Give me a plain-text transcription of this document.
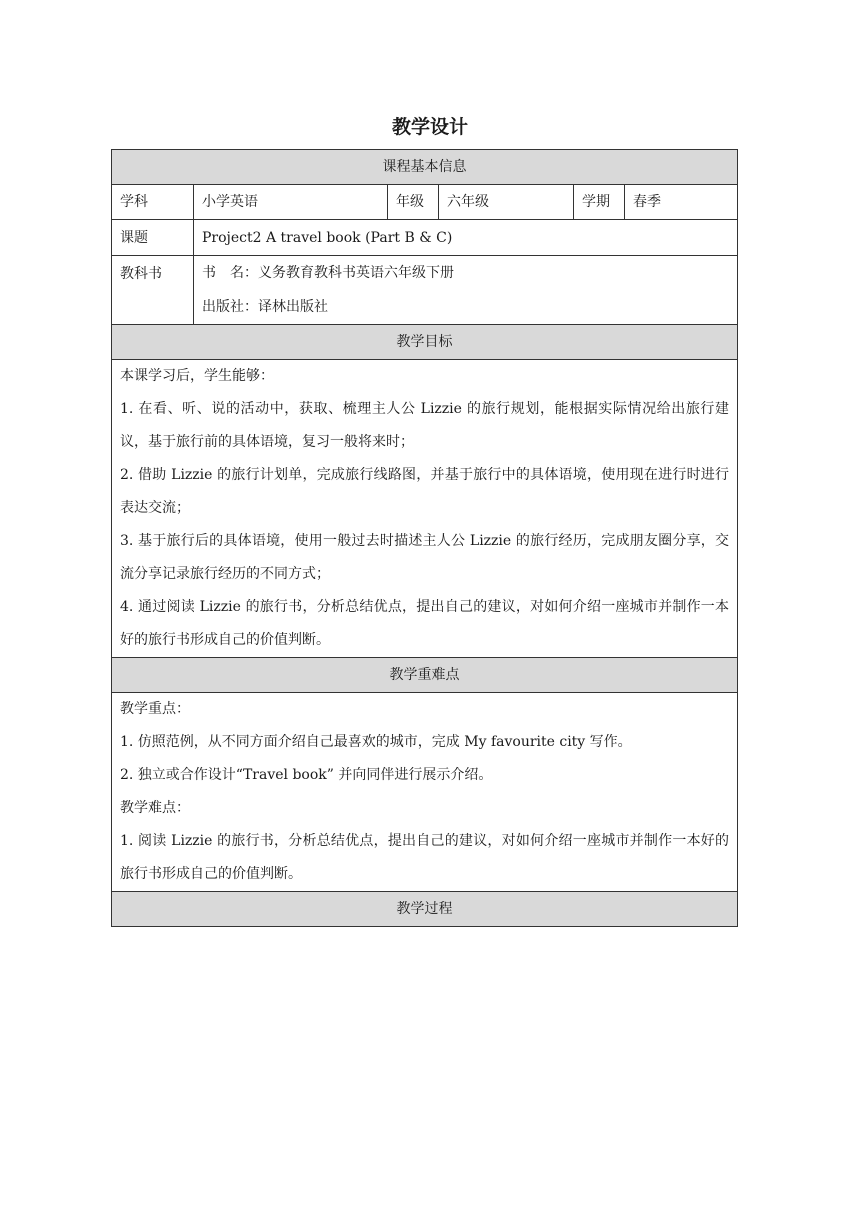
教学设计
课程基本信息					
学科	小学英语	年级	六年级	学期	春季
课题	Project2 A travel book (Part B & C)				
教科书	书　名：义务教育教科书英语六年级下册
出版社：译林出版社				

教学目标					

本课学习后，学生能够：
1. 在看、听、说的活动中，获取、梳理主人公 Lizzie 的旅行规划，能根据实际情况给出旅行建议，基于旅行前的具体语境，复习一般将来时；
2. 借助 Lizzie 的旅行计划单，完成旅行线路图，并基于旅行中的具体语境，使用现在进行时进行表达交流；
3. 基于旅行后的具体语境，使用一般过去时描述主人公 Lizzie 的旅行经历，完成朋友圈分享，交流分享记录旅行经历的不同方式；
4. 通过阅读 Lizzie 的旅行书，分析总结优点，提出自己的建议，对如何介绍一座城市并制作一本好的旅行书形成自己的价值判断。					

教学重难点					

教学重点：
1. 仿照范例，从不同方面介绍自己最喜欢的城市，完成 My favourite city 写作。
2. 独立或合作设计“Travel book” 并向同伴进行展示介绍。
教学难点：
1. 阅读 Lizzie 的旅行书，分析总结优点，提出自己的建议，对如何介绍一座城市并制作一本好的旅行书形成自己的价值判断。					

教学过程					
